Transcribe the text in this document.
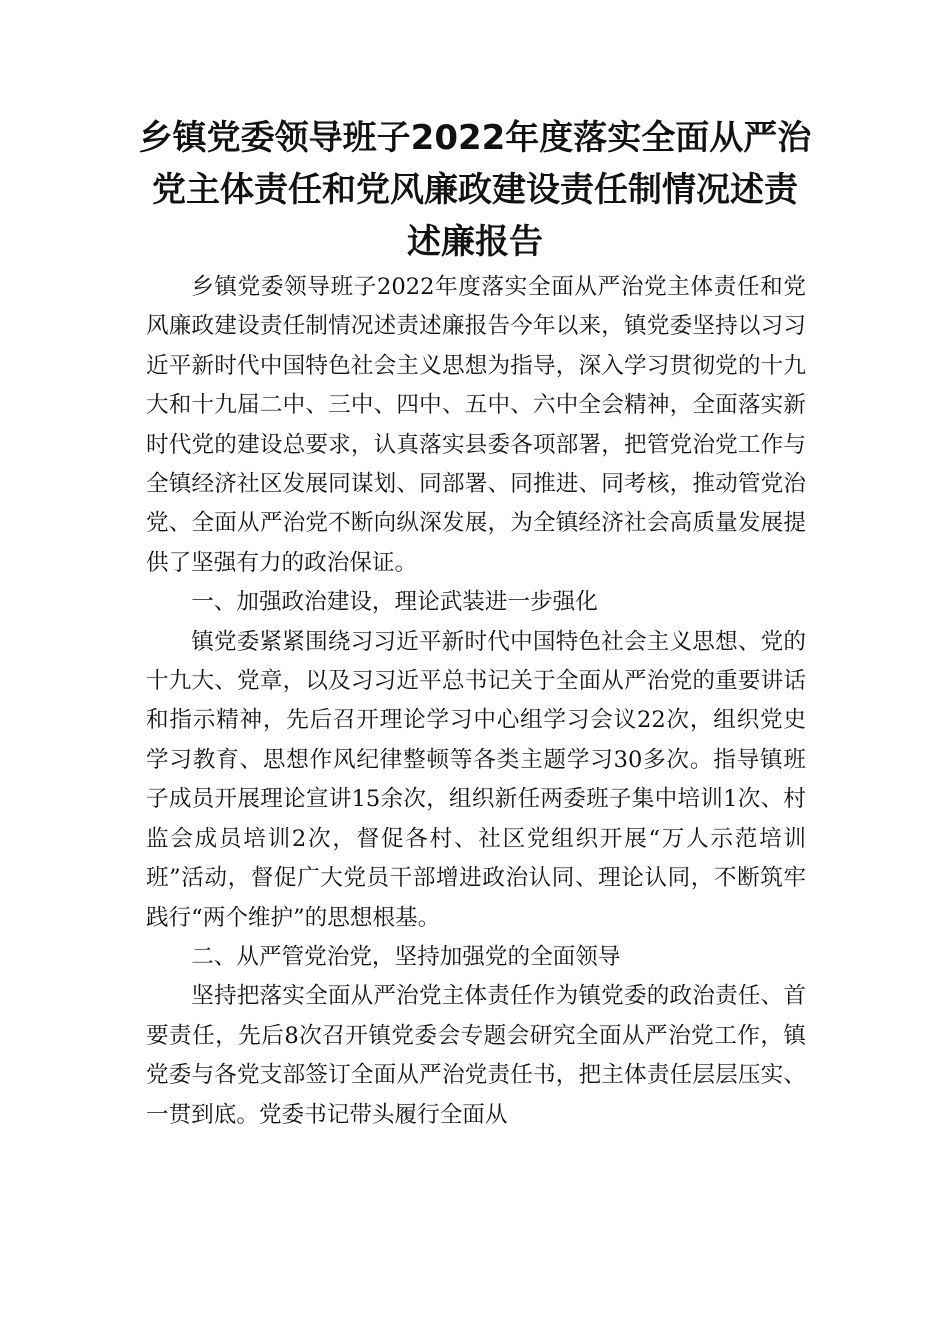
乡镇党委领导班子2022年度落实全面从严治
党主体责任和党风廉政建设责任制情况述责
述廉报告

乡镇党委领导班子2022年度落实全面从严治党主体责任和党风廉政建设责任制情况述责述廉报告今年以来，镇党委坚持以习习近平新时代中国特色社会主义思想为指导，深入学习贯彻党的十九大和十九届二中、三中、四中、五中、六中全会精神，全面落实新时代党的建设总要求，认真落实县委各项部署，把管党治党工作与全镇经济社区发展同谋划、同部署、同推进、同考核，推动管党治党、全面从严治党不断向纵深发展，为全镇经济社会高质量发展提供了坚强有力的政治保证。

一、加强政治建设，理论武装进一步强化

镇党委紧紧围绕习习近平新时代中国特色社会主义思想、党的十九大、党章，以及习习近平总书记关于全面从严治党的重要讲话和指示精神，先后召开理论学习中心组学习会议22次，组织党史学习教育、思想作风纪律整顿等各类主题学习30多次。指导镇班子成员开展理论宣讲15余次，组织新任两委班子集中培训1次、村监会成员培训2次，督促各村、社区党组织开展“万人示范培训班”活动，督促广大党员干部增进政治认同、理论认同，不断筑牢践行“两个维护”的思想根基。

二、从严管党治党，坚持加强党的全面领导

坚持把落实全面从严治党主体责任作为镇党委的政治责任、首要责任，先后8次召开镇党委会专题会研究全面从严治党工作，镇党委与各党支部签订全面从严治党责任书，把主体责任层层压实、一贯到底。党委书记带头履行全面从
